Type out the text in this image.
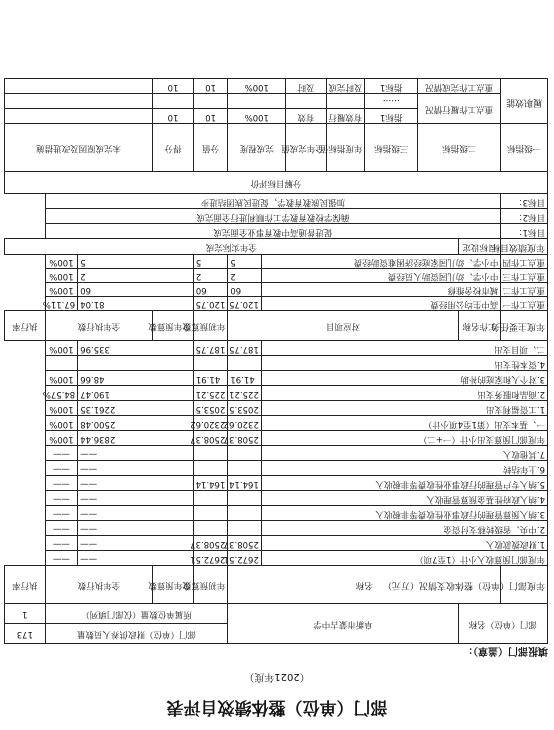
部门（单位）整体绩效自评表
（2021年度）
填报部门（盖章）：
部门（单位）名称		阜新市蒙古中学						部门（单位）财政供养人员数量				173
								所属单位数量（仅部门填列）				1
年度部门（单位）整体收支情况（万元）	名称							年初预算数	全年预算数	全年执行数		执行率
年度部门预算收入小计（1至7项）							2672.51	2672.51	——		——	
1.财政拨款收入							2508.37	2508.37	——		——	
2.中央、省级转移支付资金									——		——	
3.纳入预算管理的行政事业性收费等非税收入									——		——	
4.纳入政府性基金预算管理收入									——		——	
5.纳入专户管理的行政事业性收费等非税收入							164.14	164.14	——		——	
6.上年结转									——		——	
7.其他收入									——		——	
年度部门预算支出小计（一+二）							2508.37	2508.37	2836.44		100%	
一、基本支出（第1至4项小计）							2320.62	2320.62	2500.48		100%	
1.工资福利支出							2053.5	2053.5	2261.35		100%	
2.商品和服务支出							225.21	225.21	190.47		84.57%	
3.对个人和家庭的补助							41.91	41.91	48.66		100%	
4.资本性支出												
二、项目支出							187.75	187.75	335.96		100%	
年度主要任务	工作名称	对应项目						年初预算数	全年预算数	全年执行数		执行率
重点工作一	高中生均公用经费						120.75	120.75	81.04		67.11%	
重点工作二	城市校舍维修						60	60	60		100%	
重点工作三	中小学、幼儿园资助人员经费						2	2	2		100%	
重点工作四	中小学、幼儿园家庭经济困难资助经费						5	5	5		100%	
年度绩效目标	目标设定	全年实际完成										
目标1：	促进普通高中教育事业全面完成											
目标2：	确保学校教育教学工作顺利进行全面完成											
目标3：	加强民族教育教学，促进民族团结进步											
分解目标评价												
一级指标	二级指标		三级指标	年度指标值	全年完成值	完成程度		分值	得分	未完成原因及改进措施		
履职效能	重点工作履行情况		指标1	有效履行	有效	100%		10	10			
			……									
	重点工作完成情况		指标1	及时完成	及时	100%		10	10			
